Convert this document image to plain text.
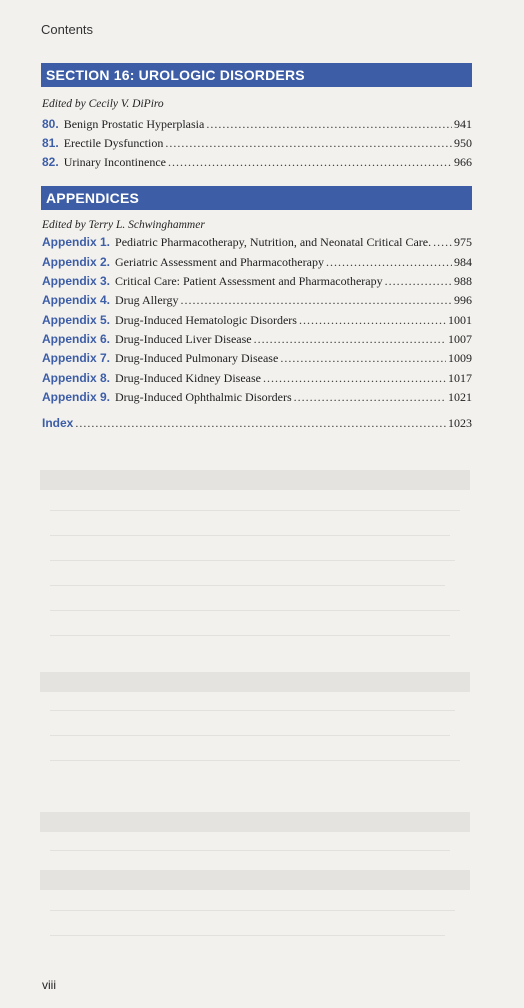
Contents
SECTION 16: UROLOGIC DISORDERS
Edited by Cecily V. DiPiro
80. Benign Prostatic Hyperplasia .....	941
81. Erectile Dysfunction .....	950
82. Urinary Incontinence .....	966
APPENDICES
Edited by Terry L. Schwinghammer
Appendix 1. Pediatric Pharmacotherapy, Nutrition, and Neonatal Critical Care. ..... 975
Appendix 2. Geriatric Assessment and Pharmacotherapy .....	984
Appendix 3. Critical Care: Patient Assessment and Pharmacotherapy .....	988
Appendix 4. Drug Allergy .....	996
Appendix 5. Drug-Induced Hematologic Disorders .....	1001
Appendix 6. Drug-Induced Liver Disease .....	1007
Appendix 7. Drug-Induced Pulmonary Disease .....	1009
Appendix 8. Drug-Induced Kidney Disease .....	1017
Appendix 9. Drug-Induced Ophthalmic Disorders .....	1021
Index .....	1023
viii
